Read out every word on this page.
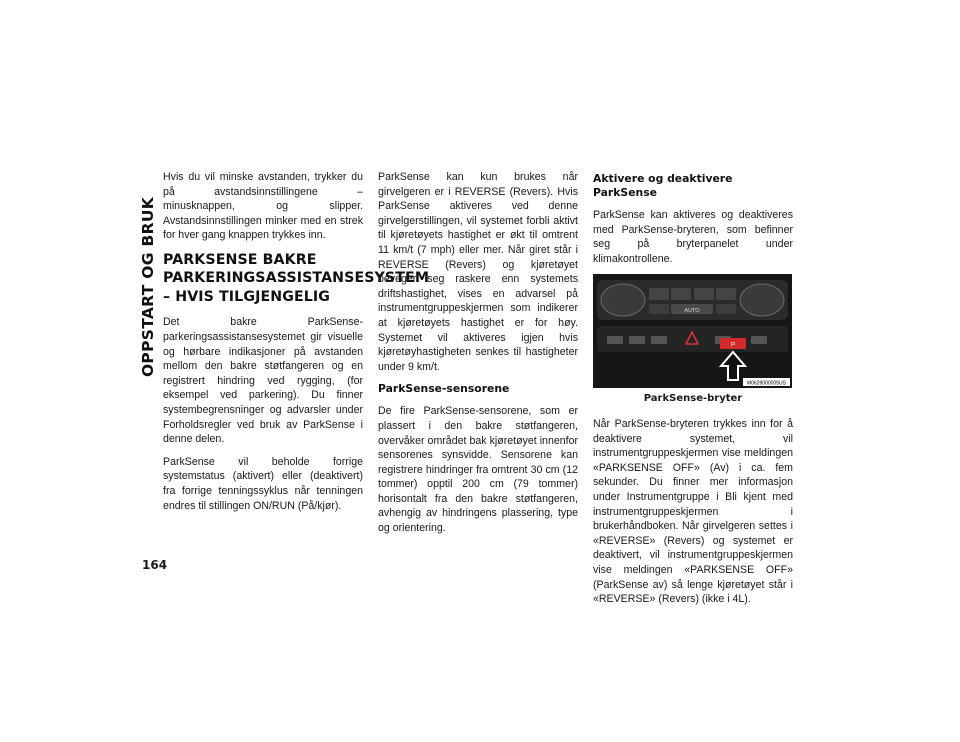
OPPSTART OG BRUK

Hvis du vil minske avstanden, trykker du på avstandsinnstillingene – minusknappen, og slipper. Avstandsinnstillingen minker med en strek for hver gang knappen trykkes inn.

PARKSENSE BAKRE PARKERINGSASSISTANSESYSTEM – HVIS TILGJENGELIG

Det bakre ParkSense-parkeringsassistansesystemet gir visuelle og hørbare indikasjoner på avstanden mellom den bakre støtfangeren og en registrert hindring ved rygging, (for eksempel ved parkering). Du finner systembegrensninger og advarsler under Forholdsregler ved bruk av ParkSense i denne delen.

ParkSense vil beholde forrige systemstatus (aktivert) eller (deaktivert) fra forrige tenningssyklus når tenningen endres til stillingen ON/RUN (På/kjør).

ParkSense kan kun brukes når girvelgeren er i REVERSE (Revers). Hvis ParkSense aktiveres ved denne girvelgerstillingen, vil systemet forbli aktivt til kjøretøyets hastighet er økt til omtrent 11 km/t (7 mph) eller mer. Når giret står i REVERSE (Revers) og kjøretøyet beveger seg raskere enn systemets driftshastighet, vises en advarsel på instrumentgruppeskjermen som indikerer at kjøretøyets hastighet er for høy. Systemet vil aktiveres igjen hvis kjøretøyhastigheten senkes til hastigheter under 9 km/t.

ParkSense-sensorene

De fire ParkSense-sensorene, som er plassert i den bakre støtfangeren, overvåker området bak kjøretøyet innenfor sensorenes synsvidde. Sensorene kan registrere hindringer fra omtrent 30 cm (12 tommer) opptil 200 cm (79 tommer) horisontalt fra den bakre støtfangeren, avhengig av hindringens plassering, type og orientering.

Aktivere og deaktivere ParkSense

ParkSense kan aktiveres og deaktiveres med ParkSense-bryteren, som befinner seg på bryterpanelet under klimakontrollene.

AUTO
P
M0628000005US
ParkSense-bryter

Når ParkSense-bryteren trykkes inn for å deaktivere systemet, vil instrumentgruppeskjermen vise meldingen «PARKSENSE OFF» (Av) i ca. fem sekunder. Du finner mer informasjon under Instrumentgruppe i Bli kjent med instrumentgruppeskjermen i brukerhåndboken. Når girvelgeren settes i «REVERSE» (Revers) og systemet er deaktivert, vil instrumentgruppeskjermen vise meldingen «PARKSENSE OFF» (ParkSense av) så lenge kjøretøyet står i «REVERSE» (Revers) (ikke i 4L).

164
